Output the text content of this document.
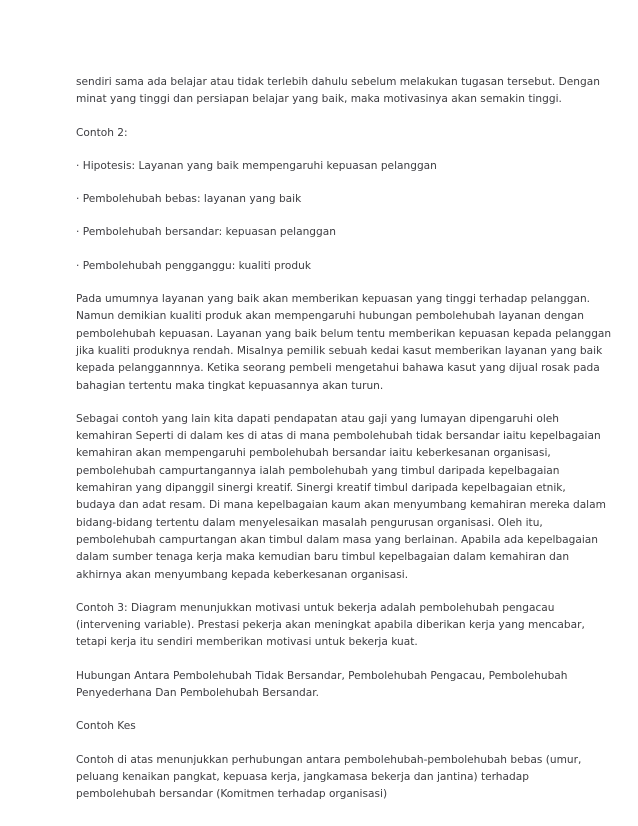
sendiri sama ada belajar atau tidak terlebih dahulu sebelum melakukan tugasan tersebut. Dengan
minat yang tinggi dan persiapan belajar yang baik, maka motivasinya akan semakin tinggi.

Contoh 2:

· Hipotesis: Layanan yang baik mempengaruhi kepuasan pelanggan

· Pembolehubah bebas: layanan yang baik

· Pembolehubah bersandar: kepuasan pelanggan

· Pembolehubah pengganggu: kualiti produk

Pada umumnya layanan yang baik akan memberikan kepuasan yang tinggi terhadap pelanggan.
Namun demikian kualiti produk akan mempengaruhi hubungan pembolehubah layanan dengan
pembolehubah kepuasan. Layanan yang baik belum tentu memberikan kepuasan kepada pelanggan
jika kualiti produknya rendah. Misalnya pemilik sebuah kedai kasut memberikan layanan yang baik
kepada pelanggannnya. Ketika seorang pembeli mengetahui bahawa kasut yang dijual rosak pada
bahagian tertentu maka tingkat kepuasannya akan turun.

Sebagai contoh yang lain kita dapati pendapatan atau gaji yang lumayan dipengaruhi oleh
kemahiran Seperti di dalam kes di atas di mana pembolehubah tidak bersandar iaitu kepelbagaian
kemahiran akan mempengaruhi pembolehubah bersandar iaitu keberkesanan organisasi,
pembolehubah campurtangannya ialah pembolehubah yang timbul daripada kepelbagaian
kemahiran yang dipanggil sinergi kreatif. Sinergi kreatif timbul daripada kepelbagaian etnik,
budaya dan adat resam. Di mana kepelbagaian kaum akan menyumbang kemahiran mereka dalam
bidang-bidang tertentu dalam menyelesaikan masalah pengurusan organisasi. Oleh itu,
pembolehubah campurtangan akan timbul dalam masa yang berlainan. Apabila ada kepelbagaian
dalam sumber tenaga kerja maka kemudian baru timbul kepelbagaian dalam kemahiran dan
akhirnya akan menyumbang kepada keberkesanan organisasi.

Contoh 3: Diagram menunjukkan motivasi untuk bekerja adalah pembolehubah pengacau
(intervening variable). Prestasi pekerja akan meningkat apabila diberikan kerja yang mencabar,
tetapi kerja itu sendiri memberikan motivasi untuk bekerja kuat.

Hubungan Antara Pembolehubah Tidak Bersandar, Pembolehubah Pengacau, Pembolehubah
Penyederhana Dan Pembolehubah Bersandar.

Contoh Kes

Contoh di atas menunjukkan perhubungan antara pembolehubah-pembolehubah bebas (umur,
peluang kenaikan pangkat, kepuasa kerja, jangkamasa bekerja dan jantina) terhadap
pembolehubah bersandar (Komitmen terhadap organisasi)
